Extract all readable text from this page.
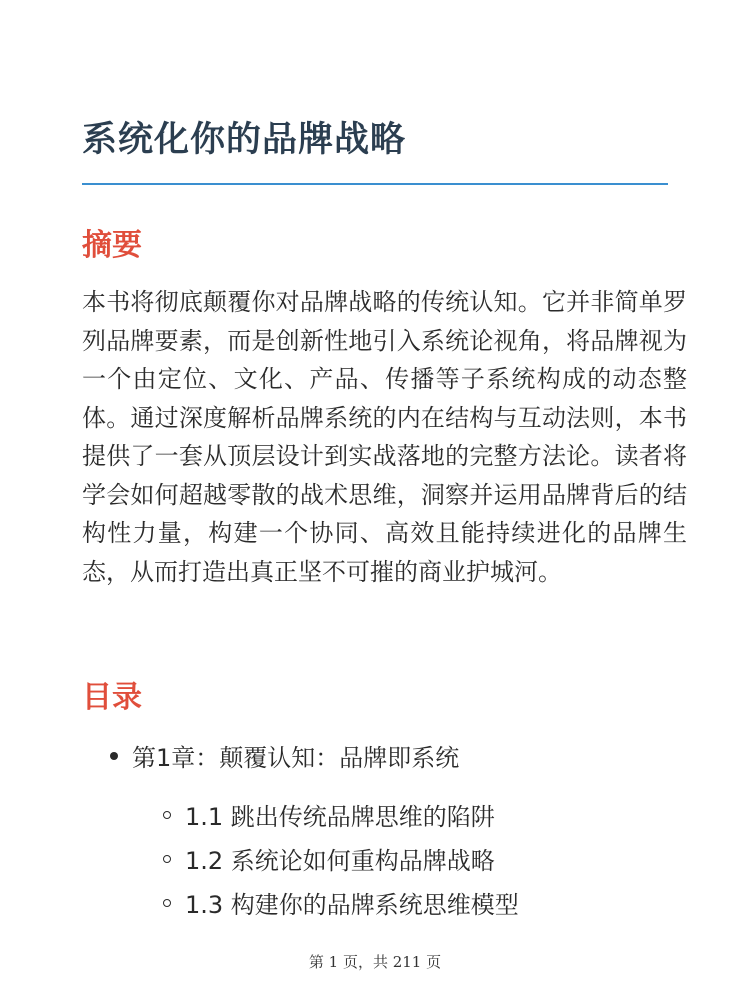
系统化你的品牌战略
摘要

本书将彻底颠覆你对品牌战略的传统认知。它并非简单罗列品牌要素，而是创新性地引入系统论视角，将品牌视为一个由定位、文化、产品、传播等子系统构成的动态整体。通过深度解析品牌系统的内在结构与互动法则，本书提供了一套从顶层设计到实战落地的完整方法论。读者将学会如何超越零散的战术思维，洞察并运用品牌背后的结构性力量，构建一个协同、高效且能持续进化的品牌生态，从而打造出真正坚不可摧的商业护城河。

目录
第1章：颠覆认知：品牌即系统
1.1 跳出传统品牌思维的陷阱
1.2 系统论如何重构品牌战略
1.3 构建你的品牌系统思维模型
第 1 页，共 211 页
